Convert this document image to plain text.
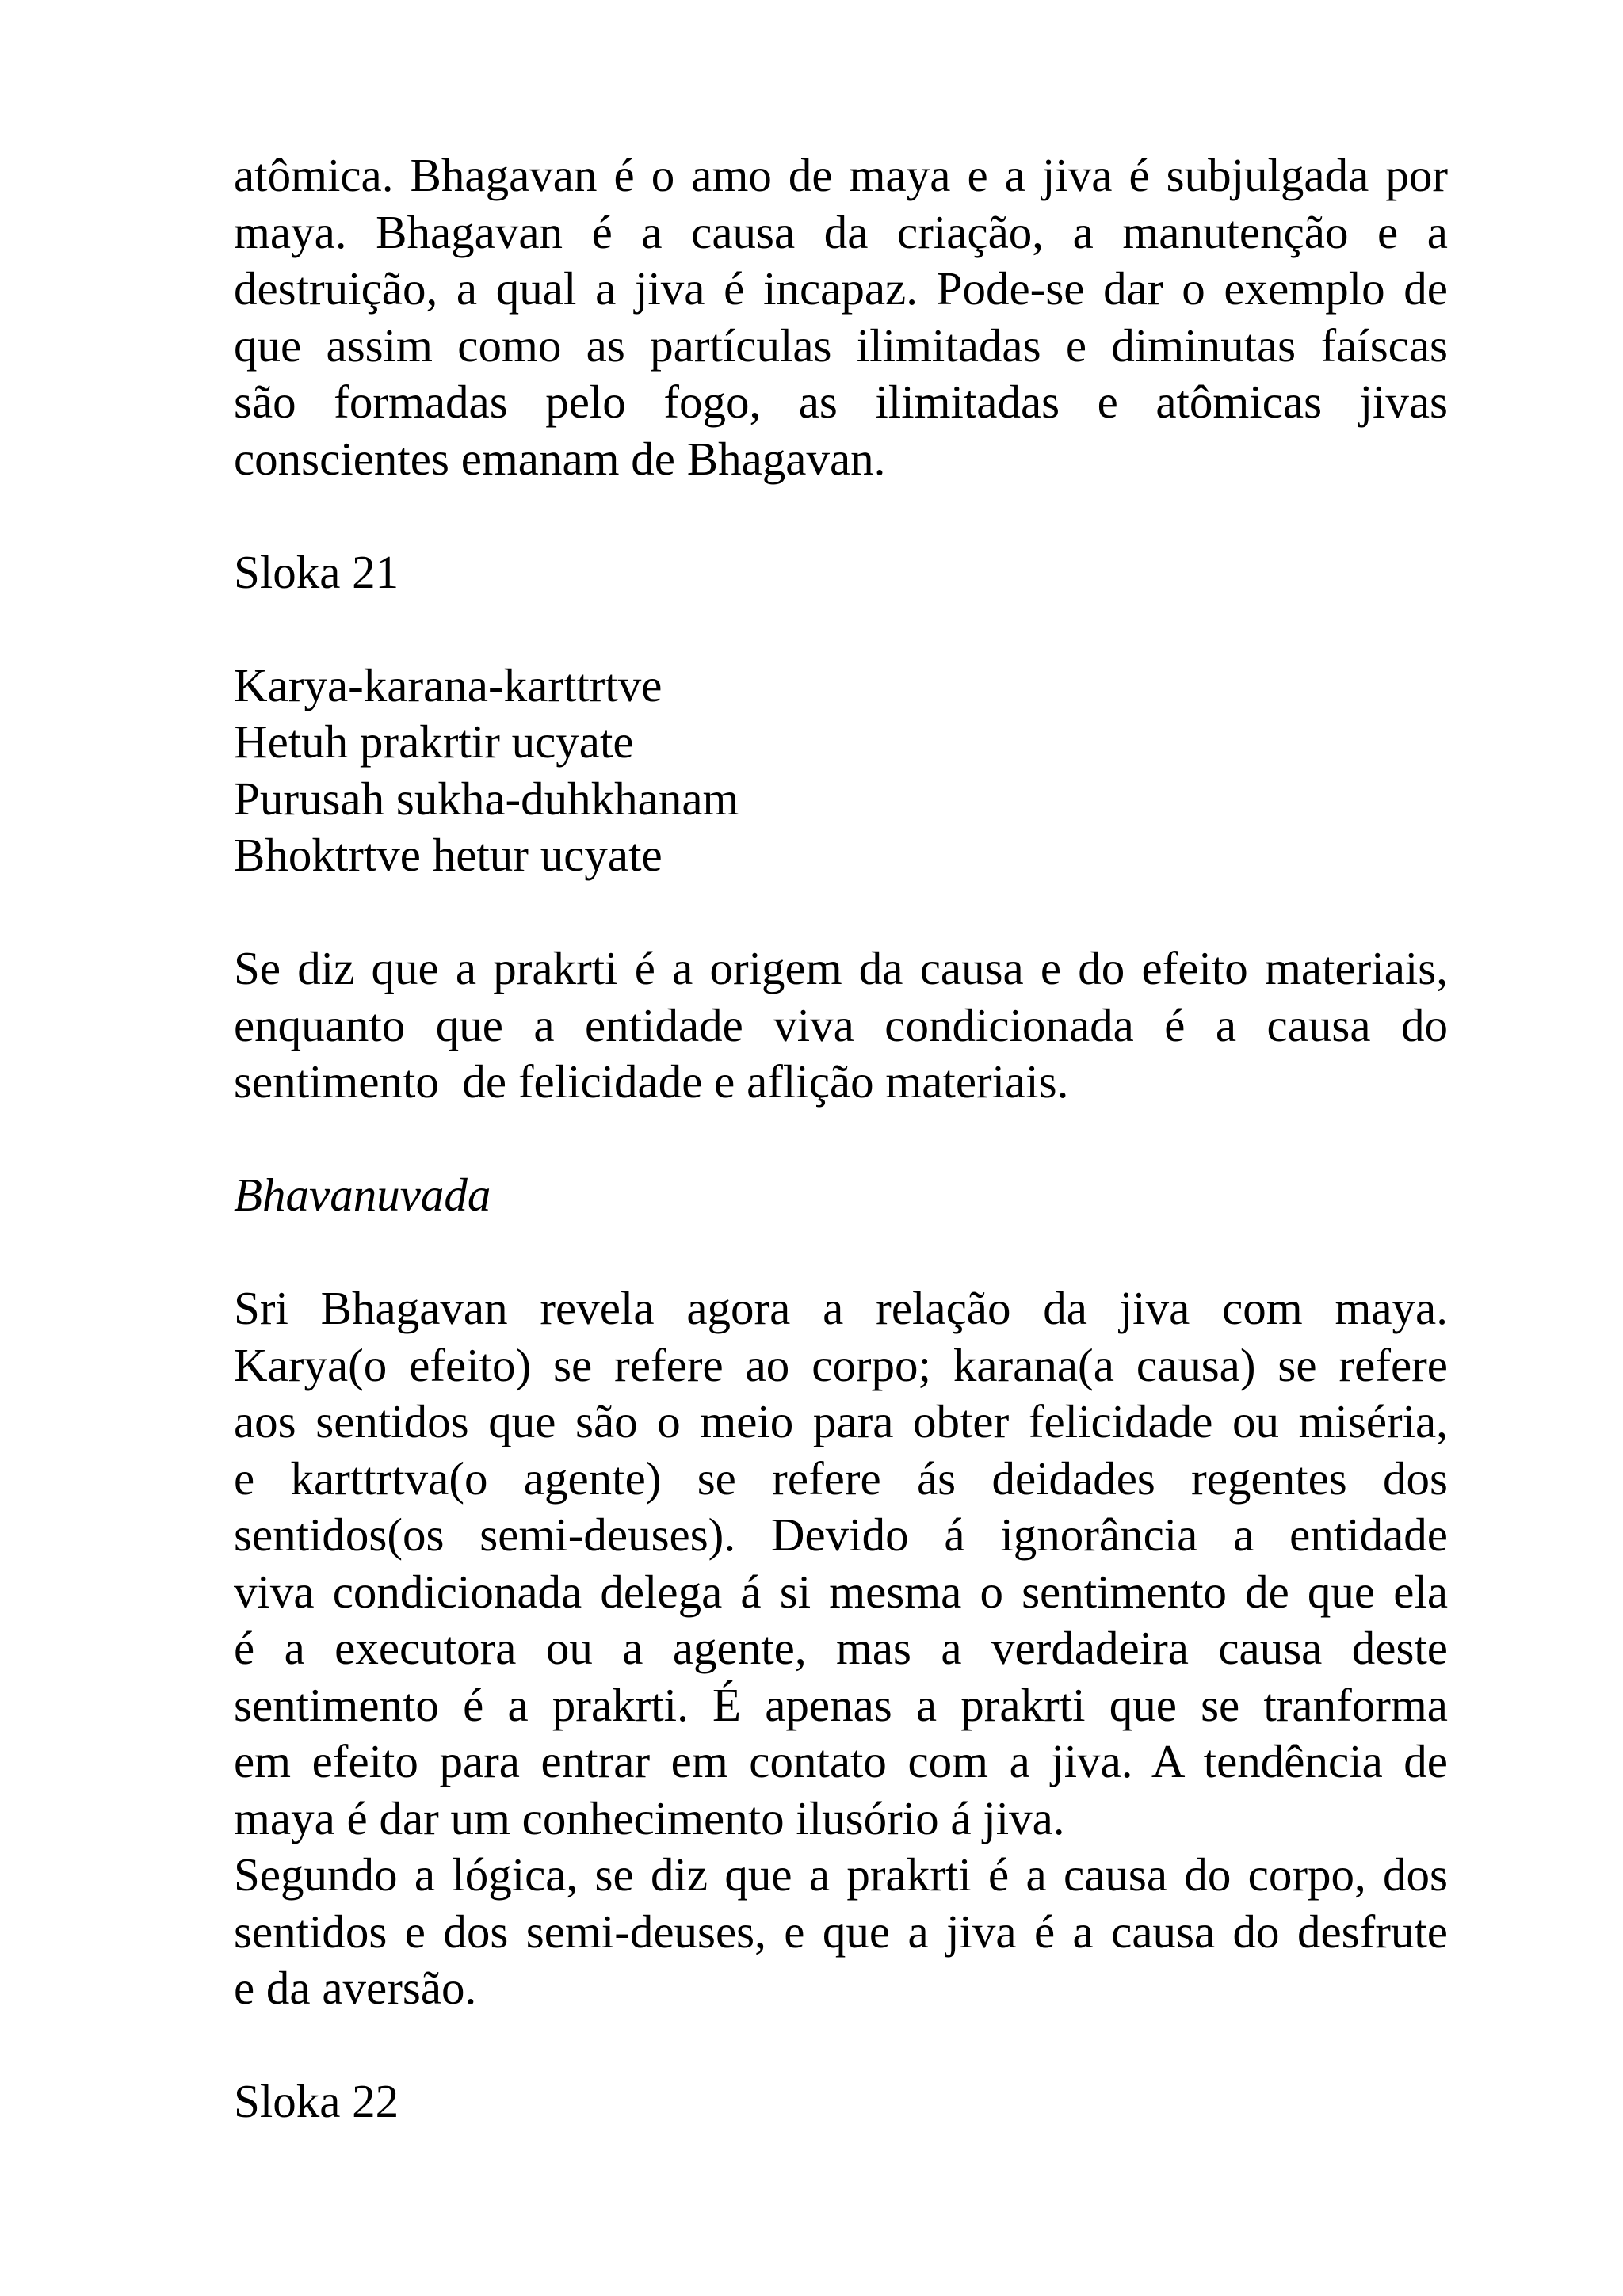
atômica. Bhagavan é o amo de maya e a jiva é subjulgada por
maya. Bhagavan é a causa da criação, a manutenção e a
destruição, a qual a jiva é incapaz. Pode-se dar o exemplo de
que assim como as partículas ilimitadas e diminutas faíscas
são formadas pelo fogo, as ilimitadas e atômicas jivas
conscientes emanam de Bhagavan.

Sloka 21

Karya-karana-karttrtve
Hetuh prakrtir ucyate
Purusah sukha-duhkhanam
Bhoktrtve hetur ucyate

Se diz que a prakrti é a origem da causa e do efeito materiais,
enquanto que a entidade viva condicionada é a causa do
sentimento  de felicidade e aflição materiais.

Bhavanuvada

Sri Bhagavan revela agora a relação da jiva com maya.
Karya(o efeito) se refere ao corpo; karana(a causa) se refere
aos sentidos que são o meio para obter felicidade ou miséria,
e karttrtva(o agente) se refere ás deidades regentes dos
sentidos(os semi-deuses). Devido á ignorância a entidade
viva condicionada delega á si mesma o sentimento de que ela
é a executora ou a agente, mas a verdadeira causa deste
sentimento é a prakrti. É apenas a prakrti que se tranforma
em efeito para entrar em contato com a jiva. A tendência de
maya é dar um conhecimento ilusório á jiva.

Segundo a lógica, se diz que a prakrti é a causa do corpo, dos
sentidos e dos semi-deuses, e que a jiva é a causa do desfrute
e da aversão.

Sloka 22
